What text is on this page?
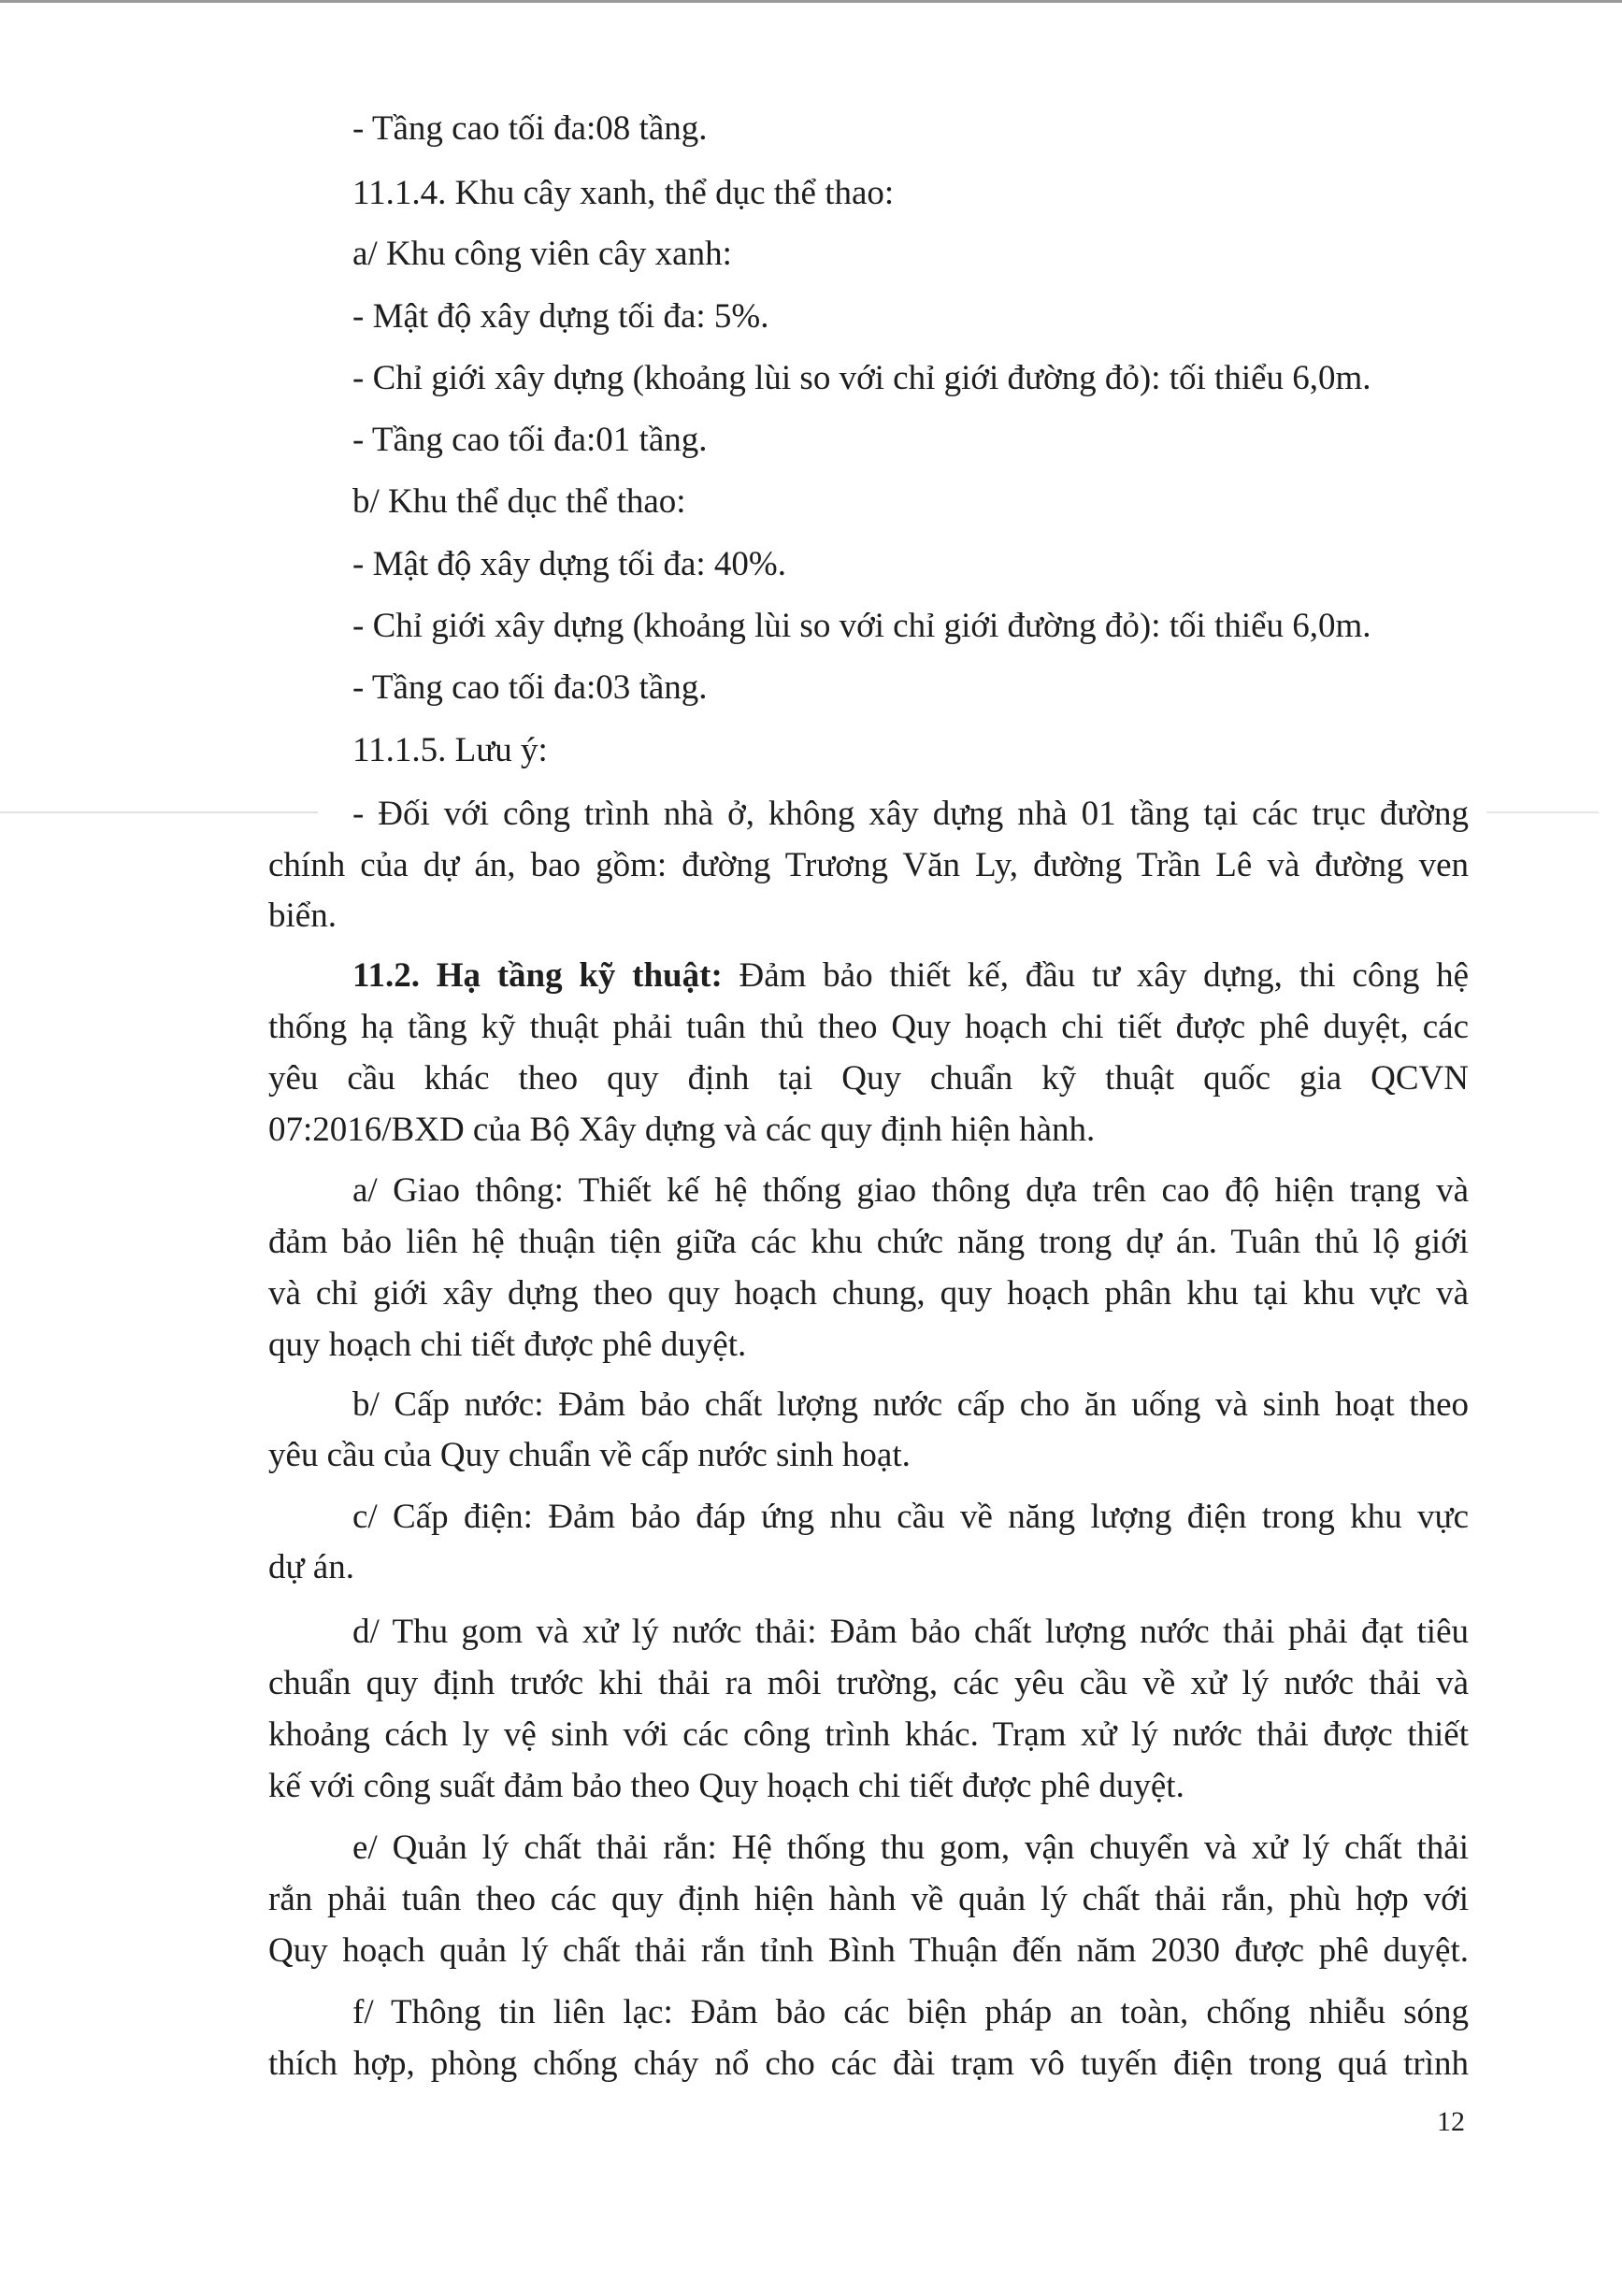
- Tầng cao tối đa:08 tầng.

11.1.4. Khu cây xanh, thể dục thể thao:

a/ Khu công viên cây xanh:

- Mật độ xây dựng tối đa: 5%.

- Chỉ giới xây dựng (khoảng lùi so với chỉ giới đường đỏ): tối thiểu 6,0m.

- Tầng cao tối đa:01 tầng.

b/ Khu thể dục thể thao:

- Mật độ xây dựng tối đa: 40%.

- Chỉ giới xây dựng (khoảng lùi so với chỉ giới đường đỏ): tối thiểu 6,0m.

- Tầng cao tối đa:03 tầng.

11.1.5. Lưu ý:

- Đối với công trình nhà ở, không xây dựng nhà 01 tầng tại các trục đường

chính của dự án, bao gồm: đường Trương Văn Ly, đường Trần Lê và đường ven

biển.

11.2. Hạ tầng kỹ thuật: Đảm bảo thiết kế, đầu tư xây dựng, thi công hệ

thống hạ tầng kỹ thuật phải tuân thủ theo Quy hoạch chi tiết được phê duyệt, các

yêu cầu khác theo quy định tại Quy chuẩn kỹ thuật quốc gia QCVN

07:2016/BXD của Bộ Xây dựng và các quy định hiện hành.

a/ Giao thông: Thiết kế hệ thống giao thông dựa trên cao độ hiện trạng và

đảm bảo liên hệ thuận tiện giữa các khu chức năng trong dự án. Tuân thủ lộ giới

và chỉ giới xây dựng theo quy hoạch chung, quy hoạch phân khu tại khu vực và

quy hoạch chi tiết được phê duyệt.

b/ Cấp nước: Đảm bảo chất lượng nước cấp cho ăn uống và sinh hoạt theo

yêu cầu của Quy chuẩn về cấp nước sinh hoạt.

c/ Cấp điện: Đảm bảo đáp ứng nhu cầu về năng lượng điện trong khu vực

dự án.

d/ Thu gom và xử lý nước thải: Đảm bảo chất lượng nước thải phải đạt tiêu

chuẩn quy định trước khi thải ra môi trường, các yêu cầu về xử lý nước thải và

khoảng cách ly vệ sinh với các công trình khác. Trạm xử lý nước thải được thiết

kế với công suất đảm bảo theo Quy hoạch chi tiết được phê duyệt.

e/ Quản lý chất thải rắn: Hệ thống thu gom, vận chuyển và xử lý chất thải

rắn phải tuân theo các quy định hiện hành về quản lý chất thải rắn, phù hợp với

Quy hoạch quản lý chất thải rắn tỉnh Bình Thuận đến năm 2030 được phê duyệt.

f/ Thông tin liên lạc: Đảm bảo các biện pháp an toàn, chống nhiễu sóng

thích hợp, phòng chống cháy nổ cho các đài trạm vô tuyến điện trong quá trình

12
